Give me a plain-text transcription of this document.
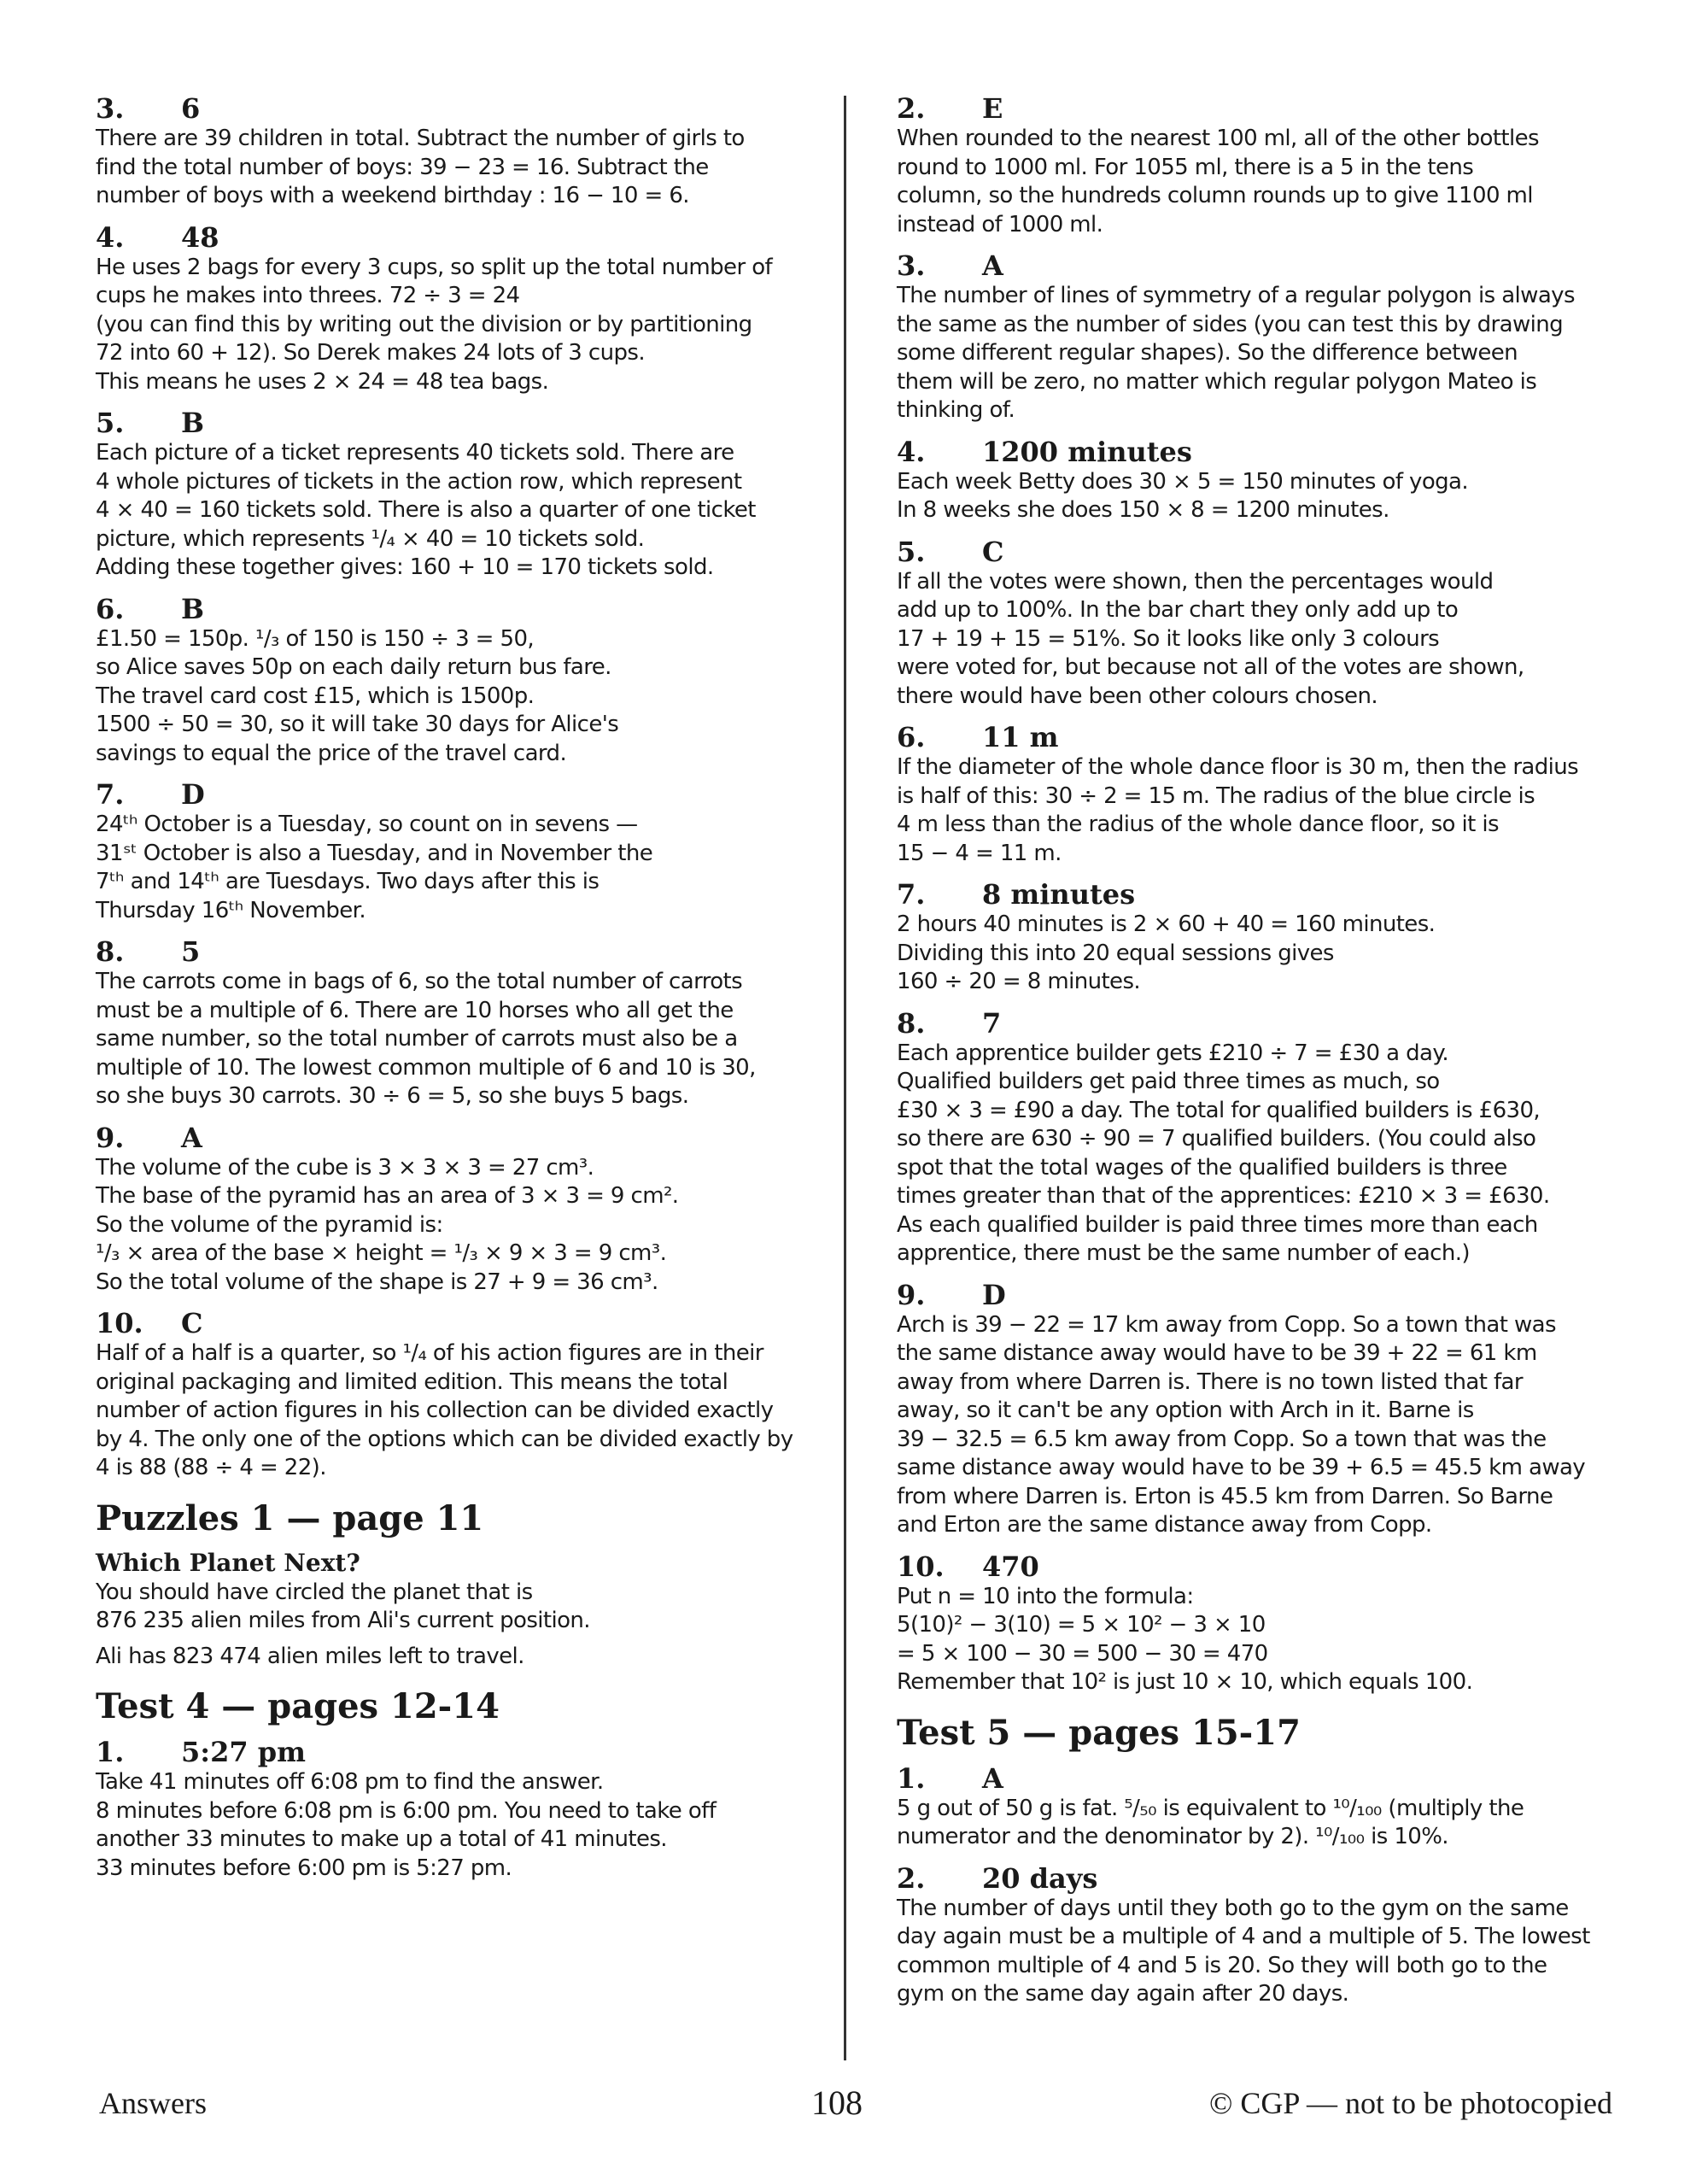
3.	6
There are 39 children in total. Subtract the number of girls to
find the total number of boys: 39 − 23 = 16. Subtract the
number of boys with a weekend birthday : 16 − 10 = 6.
4.	48
He uses 2 bags for every 3 cups, so split up the total number of
cups he makes into threes. 72 ÷ 3 = 24
(you can find this by writing out the division or by partitioning
72 into 60 + 12). So Derek makes 24 lots of 3 cups.
This means he uses 2 × 24 = 48 tea bags.
5.	B
Each picture of a ticket represents 40 tickets sold. There are
4 whole pictures of tickets in the action row, which represent
4 × 40 = 160 tickets sold. There is also a quarter of one ticket
picture, which represents ¹/₄ × 40 = 10 tickets sold.
Adding these together gives: 160 + 10 = 170 tickets sold.
6.	B
£1.50 = 150p. ¹/₃ of 150 is 150 ÷ 3 = 50,
so Alice saves 50p on each daily return bus fare.
The travel card cost £15, which is 1500p.
1500 ÷ 50 = 30, so it will take 30 days for Alice's
savings to equal the price of the travel card.
7.	D
24ᵗʰ October is a Tuesday, so count on in sevens —
31ˢᵗ October is also a Tuesday, and in November the
7ᵗʰ and 14ᵗʰ are Tuesdays. Two days after this is
Thursday 16ᵗʰ November.
8.	5
The carrots come in bags of 6, so the total number of carrots
must be a multiple of 6. There are 10 horses who all get the
same number, so the total number of carrots must also be a
multiple of 10. The lowest common multiple of 6 and 10 is 30,
so she buys 30 carrots. 30 ÷ 6 = 5, so she buys 5 bags.
9.	A
The volume of the cube is 3 × 3 × 3 = 27 cm³.
The base of the pyramid has an area of 3 × 3 = 9 cm².
So the volume of the pyramid is:
¹/₃ × area of the base × height = ¹/₃ × 9 × 3 = 9 cm³.
So the total volume of the shape is 27 + 9 = 36 cm³.
10.	C
Half of a half is a quarter, so ¹/₄ of his action figures are in their
original packaging and limited edition. This means the total
number of action figures in his collection can be divided exactly
by 4. The only one of the options which can be divided exactly by
4 is 88 (88 ÷ 4 = 22).
Puzzles 1 — page 11
Which Planet Next?
You should have circled the planet that is
876 235 alien miles from Ali's current position.
Ali has 823 474 alien miles left to travel.
Test 4 — pages 12-14
1.	5:27 pm
Take 41 minutes off 6:08 pm to find the answer.
8 minutes before 6:08 pm is 6:00 pm. You need to take off
another 33 minutes to make up a total of 41 minutes.
33 minutes before 6:00 pm is 5:27 pm.
2.	E
When rounded to the nearest 100 ml, all of the other bottles
round to 1000 ml. For 1055 ml, there is a 5 in the tens
column, so the hundreds column rounds up to give 1100 ml
instead of 1000 ml.
3.	A
The number of lines of symmetry of a regular polygon is always
the same as the number of sides (you can test this by drawing
some different regular shapes). So the difference between
them will be zero, no matter which regular polygon Mateo is
thinking of.
4.	1200 minutes
Each week Betty does 30 × 5 = 150 minutes of yoga.
In 8 weeks she does 150 × 8 = 1200 minutes.
5.	C
If all the votes were shown, then the percentages would
add up to 100%. In the bar chart they only add up to
17 + 19 + 15 = 51%. So it looks like only 3 colours
were voted for, but because not all of the votes are shown,
there would have been other colours chosen.
6.	11 m
If the diameter of the whole dance floor is 30 m, then the radius
is half of this: 30 ÷ 2 = 15 m. The radius of the blue circle is
4 m less than the radius of the whole dance floor, so it is
15 − 4 = 11 m.
7.	8 minutes
2 hours 40 minutes is 2 × 60 + 40 = 160 minutes.
Dividing this into 20 equal sessions gives
160 ÷ 20 = 8 minutes.
8.	7
Each apprentice builder gets £210 ÷ 7 = £30 a day.
Qualified builders get paid three times as much, so
£30 × 3 = £90 a day. The total for qualified builders is £630,
so there are 630 ÷ 90 = 7 qualified builders. (You could also
spot that the total wages of the qualified builders is three
times greater than that of the apprentices: £210 × 3 = £630.
As each qualified builder is paid three times more than each
apprentice, there must be the same number of each.)
9.	D
Arch is 39 − 22 = 17 km away from Copp. So a town that was
the same distance away would have to be 39 + 22 = 61 km
away from where Darren is. There is no town listed that far
away, so it can't be any option with Arch in it. Barne is
39 − 32.5 = 6.5 km away from Copp. So a town that was the
same distance away would have to be 39 + 6.5 = 45.5 km away
from where Darren is. Erton is 45.5 km from Darren. So Barne
and Erton are the same distance away from Copp.
10.	470
Put n = 10 into the formula:
5(10)² − 3(10) = 5 × 10² − 3 × 10
= 5 × 100 − 30 = 500 − 30 = 470
Remember that 10² is just 10 × 10, which equals 100.
Test 5 — pages 15-17
1.	A
5 g out of 50 g is fat. ⁵/₅₀ is equivalent to ¹⁰/₁₀₀ (multiply the
numerator and the denominator by 2). ¹⁰/₁₀₀ is 10%.
2.	20 days
The number of days until they both go to the gym on the same
day again must be a multiple of 4 and a multiple of 5. The lowest
common multiple of 4 and 5 is 20. So they will both go to the
gym on the same day again after 20 days.
Answers	108	© CGP — not to be photocopied
